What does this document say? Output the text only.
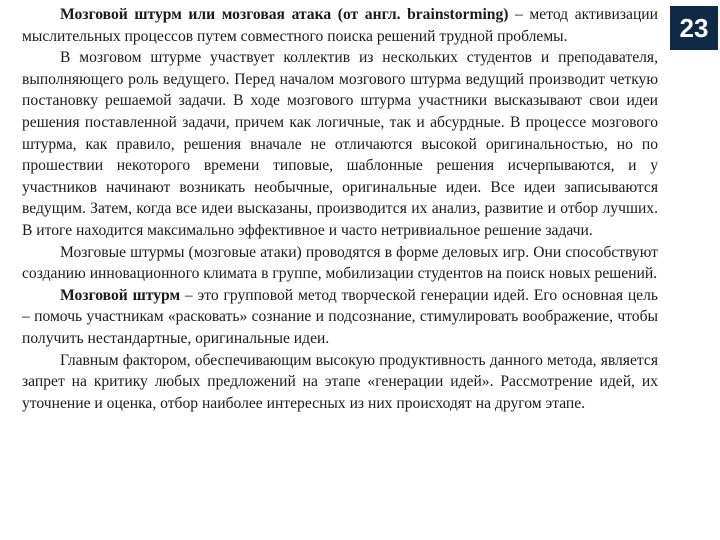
Мозговой штурм или мозговая атака (от англ. brainstorming) – метод активизации мыслительных процессов путем совместного поиска решений трудной проблемы.

В мозговом штурме участвует коллектив из нескольких студентов и преподавателя, выполняющего роль ведущего. Перед началом мозгового штурма ведущий производит четкую постановку решаемой задачи. В ходе мозгового штурма участники высказывают свои идеи решения поставленной задачи, причем как логичные, так и абсурдные. В процессе мозгового штурма, как правило, решения вначале не отличаются высокой оригинальностью, но по прошествии некоторого времени типовые, шаблонные решения исчерпываются, и у участников начинают возникать необычные, оригинальные идеи. Все идеи записываются ведущим. Затем, когда все идеи высказаны, производится их анализ, развитие и отбор лучших. В итоге находится максимально эффективное и часто нетривиальное решение задачи.

Мозговые штурмы (мозговые атаки) проводятся в форме деловых игр. Они способствуют созданию инновационного климата в группе, мобилизации студентов на поиск новых решений.

Мозговой штурм – это групповой метод творческой генерации идей. Его основная цель – помочь участникам «расковать» сознание и подсознание, стимулировать воображение, чтобы получить нестандартные, оригинальные идеи.

Главным фактором, обеспечивающим высокую продуктивность данного метода, является запрет на критику любых предложений на этапе «генерации идей». Рассмотрение идей, их уточнение и оценка, отбор наиболее интересных из них происходят на другом этапе.

23
